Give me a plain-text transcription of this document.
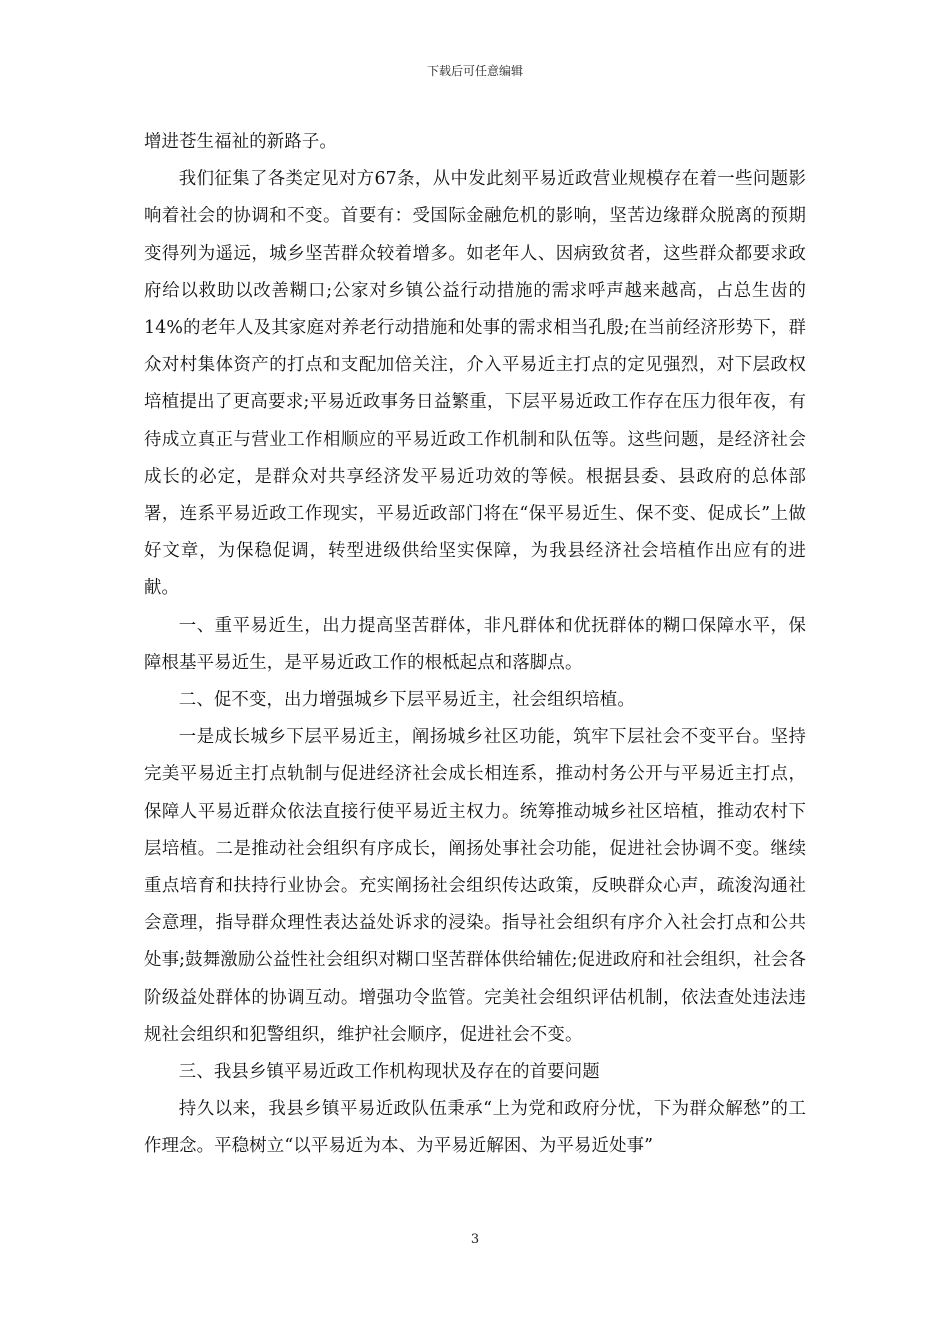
下载后可任意编辑

增进苍生福祉的新路子。

我们征集了各类定见对方67条，从中发此刻平易近政营业规模存在着一些问题影响着社会的协调和不变。首要有：受国际金融危机的影响，坚苦边缘群众脱离的预期变得列为遥远，城乡坚苦群众较着增多。如老年人、因病致贫者，这些群众都要求政府给以救助以改善糊口;公家对乡镇公益行动措施的需求呼声越来越高，占总生齿的14%的老年人及其家庭对养老行动措施和处事的需求相当孔殷;在当前经济形势下，群众对村集体资产的打点和支配加倍关注，介入平易近主打点的定见强烈，对下层政权培植提出了更高要求;平易近政事务日益繁重，下层平易近政工作存在压力很年夜，有待成立真正与营业工作相顺应的平易近政工作机制和队伍等。这些问题，是经济社会成长的必定，是群众对共享经济发平易近功效的等候。根据县委、县政府的总体部署，连系平易近政工作现实，平易近政部门将在“保平易近生、保不变、促成长”上做好文章，为保稳促调，转型进级供给坚实保障，为我县经济社会培植作出应有的进献。

一、重平易近生，出力提高坚苦群体，非凡群体和优抚群体的糊口保障水平，保障根基平易近生，是平易近政工作的根柢起点和落脚点。

二、促不变，出力增强城乡下层平易近主，社会组织培植。

一是成长城乡下层平易近主，阐扬城乡社区功能，筑牢下层社会不变平台。坚持完美平易近主打点轨制与促进经济社会成长相连系，推动村务公开与平易近主打点，保障人平易近群众依法直接行使平易近主权力。统筹推动城乡社区培植，推动农村下层培植。二是推动社会组织有序成长，阐扬处事社会功能，促进社会协调不变。继续重点培育和扶持行业协会。充实阐扬社会组织传达政策，反映群众心声，疏浚沟通社会意理，指导群众理性表达益处诉求的浸染。指导社会组织有序介入社会打点和公共处事;鼓舞激励公益性社会组织对糊口坚苦群体供给辅佐;促进政府和社会组织，社会各阶级益处群体的协调互动。增强功令监管。完美社会组织评估机制，依法查处违法违规社会组织和犯警组织，维护社会顺序，促进社会不变。

三、我县乡镇平易近政工作机构现状及存在的首要问题

持久以来，我县乡镇平易近政队伍秉承“上为党和政府分忧，下为群众解愁”的工作理念。平稳树立“以平易近为本、为平易近解困、为平易近处事”

3
